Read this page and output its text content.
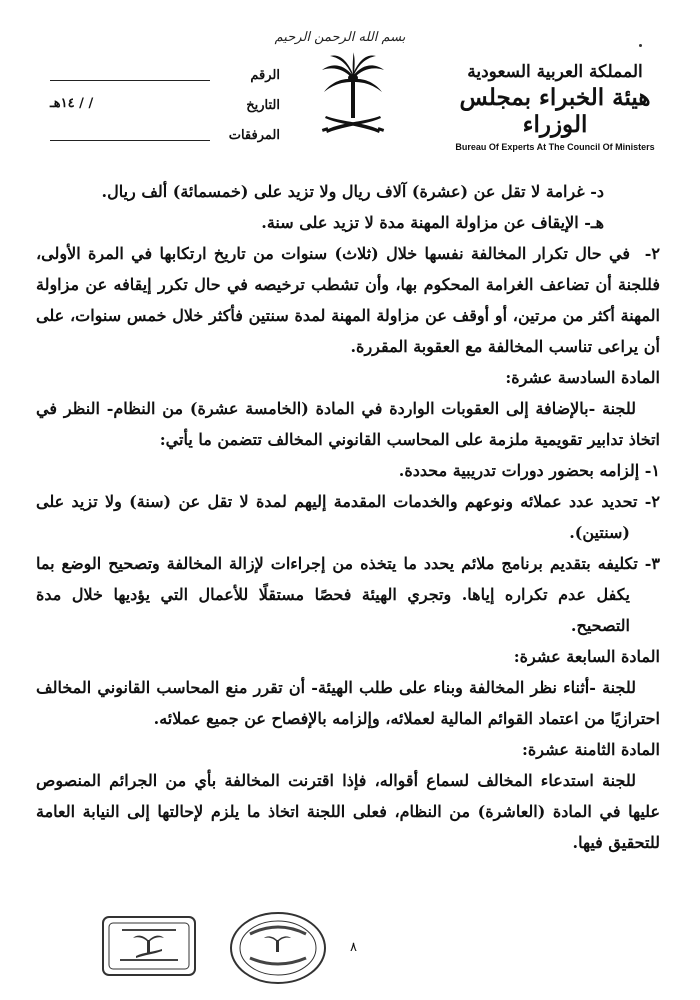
بسم الله الرحمن الرحيم
الرقم
التاريخ
/ / ١٤هـ
المرفقات
المملكة العربية السعودية
هيئة الخبراء بمجلس الوزراء
Bureau Of Experts At The Council Of Ministers

د- غرامة لا تقل عن (عشرة) آلاف ريال ولا تزيد على (خمسمائة) ألف ريال.

هـ- الإيقاف عن مزاولة المهنة مدة لا تزيد على سنة.

٢-في حال تكرار المخالفة نفسها خلال (ثلاث) سنوات من تاريخ ارتكابها في المرة الأولى، فللجنة أن تضاعف الغرامة المحكوم بها، وأن تشطب ترخيصه في حال تكرر إيقافه عن مزاولة المهنة أكثر من مرتين، أو أوقف عن مزاولة المهنة لمدة سنتين فأكثر خلال خمس سنوات، على أن يراعى تناسب المخالفة مع العقوبة المقررة.

المادة السادسة عشرة:

للجنة -بالإضافة إلى العقوبات الواردة في المادة (الخامسة عشرة) من النظام- النظر في اتخاذ تدابير تقويمية ملزمة على المحاسب القانوني المخالف تتضمن ما يأتي:

١- إلزامه بحضور دورات تدريبية محددة.

٢- تحديد عدد عملائه ونوعهم والخدمات المقدمة إليهم لمدة لا تقل عن (سنة) ولا تزيد على (سنتين).

٣- تكليفه بتقديم برنامج ملائم يحدد ما يتخذه من إجراءات لإزالة المخالفة وتصحيح الوضع بما يكفل عدم تكراره إياها. وتجري الهيئة فحصًا مستقلًا للأعمال التي يؤديها خلال مدة التصحيح.

المادة السابعة عشرة:

للجنة -أثناء نظر المخالفة وبناء على طلب الهيئة- أن تقرر منع المحاسب القانوني المخالف احترازيًا من اعتماد القوائم المالية لعملائه، وإلزامه بالإفصاح عن جميع عملائه.

المادة الثامنة عشرة:

للجنة استدعاء المخالف لسماع أقواله، فإذا اقترنت المخالفة بأي من الجرائم المنصوص عليها في المادة (العاشرة) من النظام، فعلى اللجنة اتخاذ ما يلزم لإحالتها إلى النيابة العامة للتحقيق فيها.

٨
